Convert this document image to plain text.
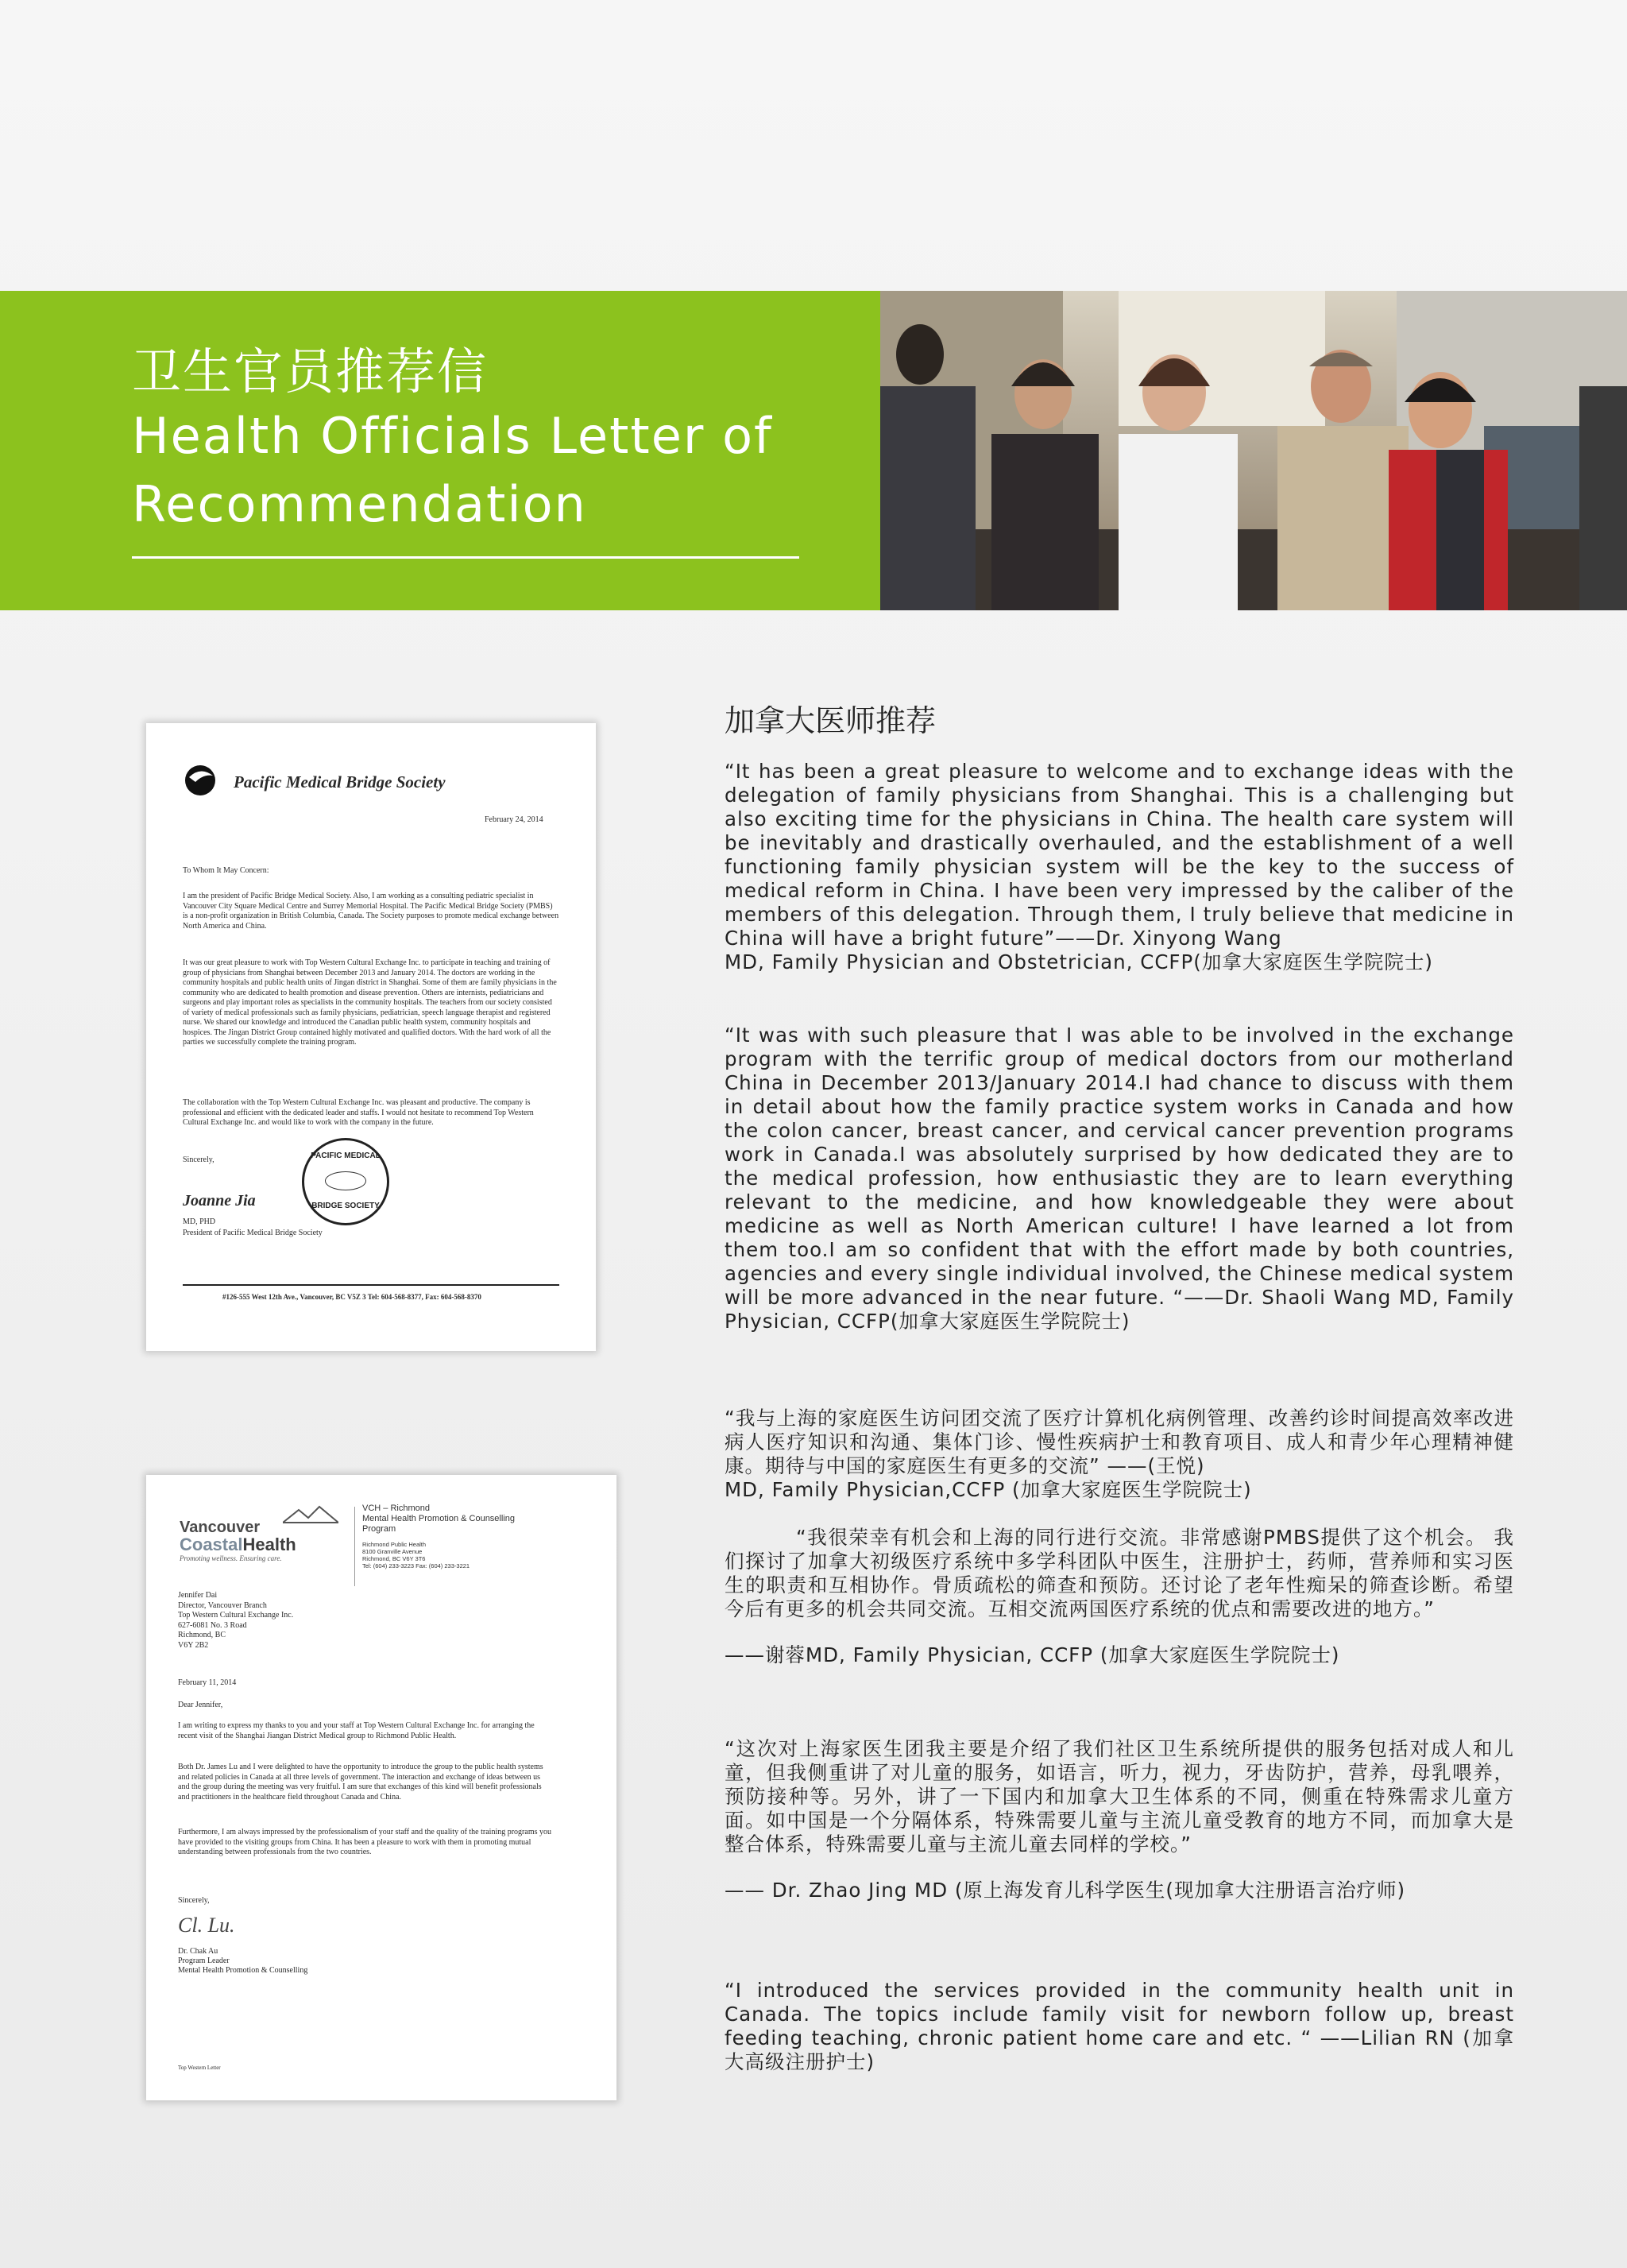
卫生官员推荐信
Health Officials Letter of Recommendation
Pacific Medical Bridge Society
February 24, 2014
To Whom It May Concern:
I am the president of Pacific Bridge Medical Society. Also, I am working as a consulting pediatric specialist in Vancouver City Square Medical Centre and Surrey Memorial Hospital. The Pacific Medical Bridge Society (PMBS) is a non-profit organization in British Columbia, Canada. The Society purposes to promote medical exchange between North America and China.
It was our great pleasure to work with Top Western Cultural Exchange Inc. to participate in teaching and training of group of physicians from Shanghai between December 2013 and January 2014. The doctors are working in the community hospitals and public health units of Jingan district in Shanghai. Some of them are family physicians in the community who are dedicated to health promotion and disease prevention. Others are internists, pediatricians and surgeons and play important roles as specialists in the community hospitals. The teachers from our society consisted of variety of medical professionals such as family physicians, pediatrician, speech language therapist and registered nurse. We shared our knowledge and introduced the Canadian public health system, community hospitals and hospices. The Jingan District Group contained highly motivated and qualified doctors. With the hard work of all the parties we successfully complete the training program.
The collaboration with the Top Western Cultural Exchange Inc. was pleasant and productive. The company is professional and efficient with the dedicated leader and staffs. I would not hesitate to recommend Top Western Cultural Exchange Inc. and would like to work with the company in the future.
Sincerely,
Joanne Jia
MD, PHD
President of Pacific Medical Bridge Society
PACIFIC MEDICAL
BRIDGE SOCIETY
#126-555 West 12th Ave., Vancouver, BC V5Z 3 Tel: 604-568-8377, Fax: 604-568-8370
Vancouver
CoastalHealth
Promoting wellness. Ensuring care.
VCH – Richmond
Mental Health Promotion & Counselling Program
Richmond Public Health
8100 Granville Avenue
Richmond, BC V6Y 3T6
Tel: (604) 233-3223 Fax: (604) 233-3221
Jennifer Dai
Director, Vancouver Branch
Top Western Cultural Exchange Inc.
627-6081 No. 3 Road
Richmond, BC
V6Y 2B2
February 11, 2014
Dear Jennifer,
I am writing to express my thanks to you and your staff at Top Western Cultural Exchange Inc. for arranging the recent visit of the Shanghai Jiangan District Medical group to Richmond Public Health.
Both Dr. James Lu and I were delighted to have the opportunity to introduce the group to the public health systems and related policies in Canada at all three levels of government. The interaction and exchange of ideas between us and the group during the meeting was very fruitful. I am sure that exchanges of this kind will benefit professionals and practitioners in the healthcare field throughout Canada and China.
Furthermore, I am always impressed by the professionalism of your staff and the quality of the training programs you have provided to the visiting groups from China. It has been a pleasure to work with them in promoting mutual understanding between professionals from the two countries.
Sincerely,
Cl. Lu.
Dr. Chak Au
Program Leader
Mental Health Promotion & Counselling
Top Western Letter
加拿大医师推荐

“It has been a great pleasure to welcome and to exchange ideas with the delegation of family physicians from Shanghai. This is a challenging but also exciting time for the physicians in China. The health care system will be inevitably and drastically overhauled, and the establishment of a well functioning family physician system will be the key to the success of medical reform in China. I have been very impressed by the caliber of the members of this delegation. Through them, I truly believe that medicine in China will have a bright future”——Dr. Xinyong Wang
MD, Family Physician and Obstetrician, CCFP(加拿大家庭医生学院院士)

“It was with such pleasure that I was able to be involved in the exchange program with the terrific group of medical doctors from our motherland China in December 2013/January 2014.I had chance to discuss with them in detail about how the family practice system works in Canada and how the colon cancer, breast cancer, and cervical cancer prevention programs work in Canada.I was absolutely surprised by how dedicated they are to the medical profession, how enthusiastic they are to learn everything relevant to the medicine, and how knowledgeable they were about medicine as well as North American culture! I have learned a lot from them too.I am so confident that with the effort made by both countries, agencies and every single individual involved, the Chinese medical system will be more advanced in the near future. “——Dr. Shaoli Wang MD, Family Physician, CCFP(加拿大家庭医生学院院士)

“我与上海的家庭医生访问团交流了医疗计算机化病例管理、改善约诊时间提高效率改进病人医疗知识和沟通、集体门诊、慢性疾病护士和教育项目、成人和青少年心理精神健康。期待与中国的家庭医生有更多的交流” ——(王悦)
MD, Family Physician,CCFP (加拿大家庭医生学院院士)

“我很荣幸有机会和上海的同行进行交流。非常感谢PMBS提供了这个机会。 我们探讨了加拿大初级医疗系统中多学科团队中医生，注册护士，药师，营养师和实习医生的职责和互相协作。骨质疏松的筛查和预防。还讨论了老年性痴呆的筛查诊断。希望今后有更多的机会共同交流。互相交流两国医疗系统的优点和需要改进的地方。”
——谢蓉MD, Family Physician, CCFP (加拿大家庭医生学院院士)

“这次对上海家医生团我主要是介绍了我们社区卫生系统所提供的服务包括对成人和儿童，但我侧重讲了对儿童的服务，如语言，听力，视力，牙齿防护，营养，母乳喂养，预防接种等。另外，讲了一下国内和加拿大卫生体系的不同，侧重在特殊需求儿童方面。如中国是一个分隔体系，特殊需要儿童与主流儿童受教育的地方不同，而加拿大是整合体系，特殊需要儿童与主流儿童去同样的学校。”
—— Dr. Zhao Jing MD (原上海发育儿科学医生(现加拿大注册语言治疗师)

“I introduced the services provided in the community health unit in Canada. The topics include family visit for newborn follow up, breast feeding teaching, chronic patient home care and etc. “ ——Lilian RN (加拿大高级注册护士)
